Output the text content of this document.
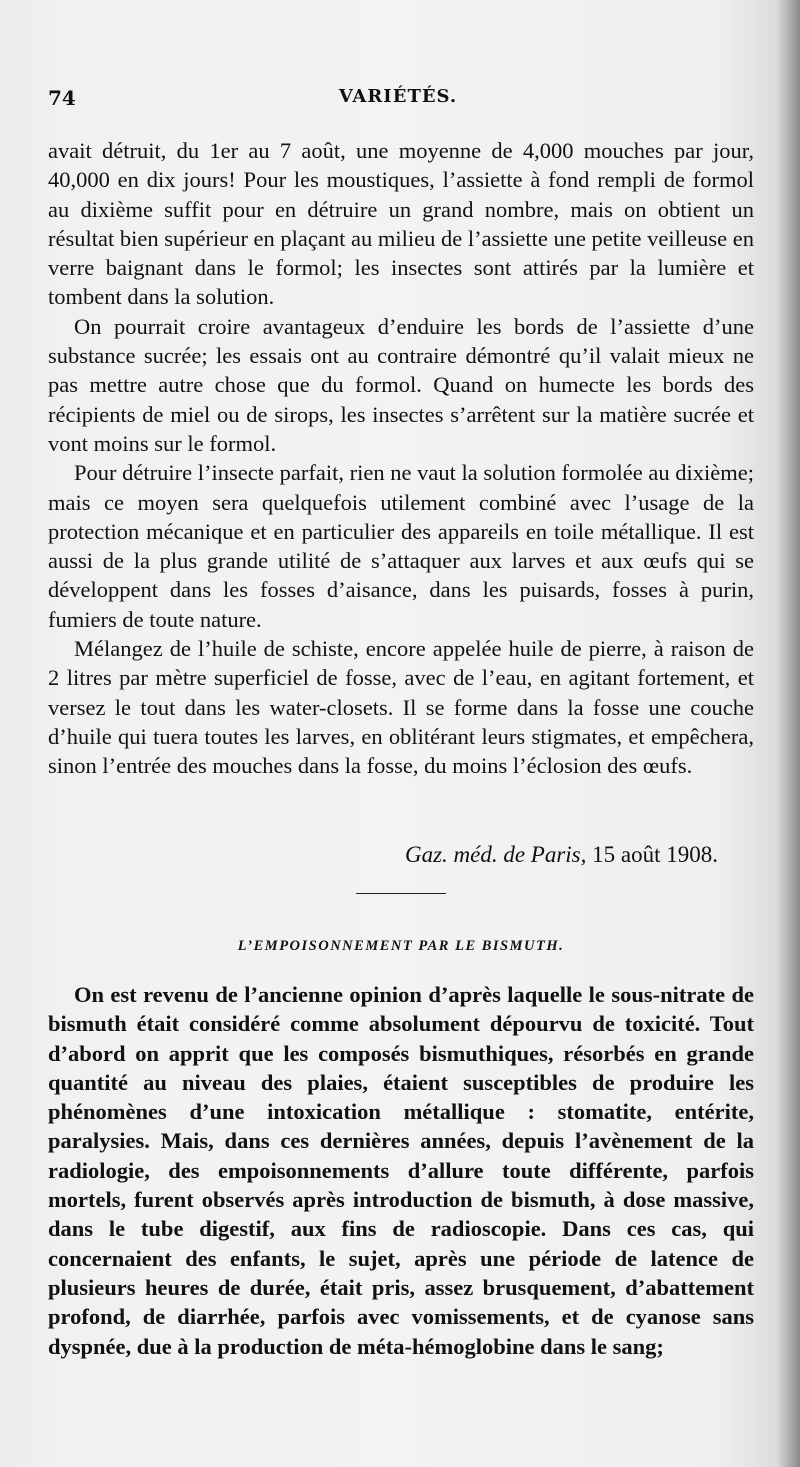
74	VARIÉTÉS.

avait détruit, du 1er au 7 août, une moyenne de 4,000 mouches par jour, 40,000 en dix jours! Pour les moustiques, l’assiette à fond rempli de formol au dixième suffit pour en détruire un grand nombre, mais on obtient un résultat bien supérieur en plaçant au milieu de l’assiette une petite veilleuse en verre baignant dans le formol; les insectes sont attirés par la lumière et tombent dans la solution.

On pourrait croire avantageux d’enduire les bords de l’assiette d’une substance sucrée; les essais ont au contraire démontré qu’il valait mieux ne pas mettre autre chose que du formol. Quand on humecte les bords des récipients de miel ou de sirops, les insectes s’arrêtent sur la matière sucrée et vont moins sur le formol.

Pour détruire l’insecte parfait, rien ne vaut la solution formolée au dixième; mais ce moyen sera quelquefois utilement combiné avec l’usage de la protection mécanique et en particulier des appareils en toile métallique. Il est aussi de la plus grande utilité de s’attaquer aux larves et aux œufs qui se développent dans les fosses d’aisance, dans les puisards, fosses à purin, fumiers de toute nature.

Mélangez de l’huile de schiste, encore appelée huile de pierre, à raison de 2 litres par mètre superficiel de fosse, avec de l’eau, en agitant fortement, et versez le tout dans les water-closets. Il se forme dans la fosse une couche d’huile qui tuera toutes les larves, en oblitérant leurs stigmates, et empêchera, sinon l’entrée des mouches dans la fosse, du moins l’éclosion des œufs.

Gaz. méd. de Paris, 15 août 1908.
L’EMPOISONNEMENT PAR LE BISMUTH.

On est revenu de l’ancienne opinion d’après laquelle le sous-nitrate de bismuth était considéré comme absolument dépourvu de toxicité. Tout d’abord on apprit que les composés bismuthiques, résorbés en grande quantité au niveau des plaies, étaient susceptibles de produire les phénomènes d’une intoxication métallique : stomatite, entérite, paralysies. Mais, dans ces dernières années, depuis l’avènement de la radiologie, des empoisonnements d’allure toute différente, parfois mortels, furent observés après introduction de bismuth, à dose massive, dans le tube digestif, aux fins de radioscopie. Dans ces cas, qui concernaient des enfants, le sujet, après une période de latence de plusieurs heures de durée, était pris, assez brusquement, d’abattement profond, de diarrhée, parfois avec vomissements, et de cyanose sans dyspnée, due à la production de méta-hémoglobine dans le sang;
